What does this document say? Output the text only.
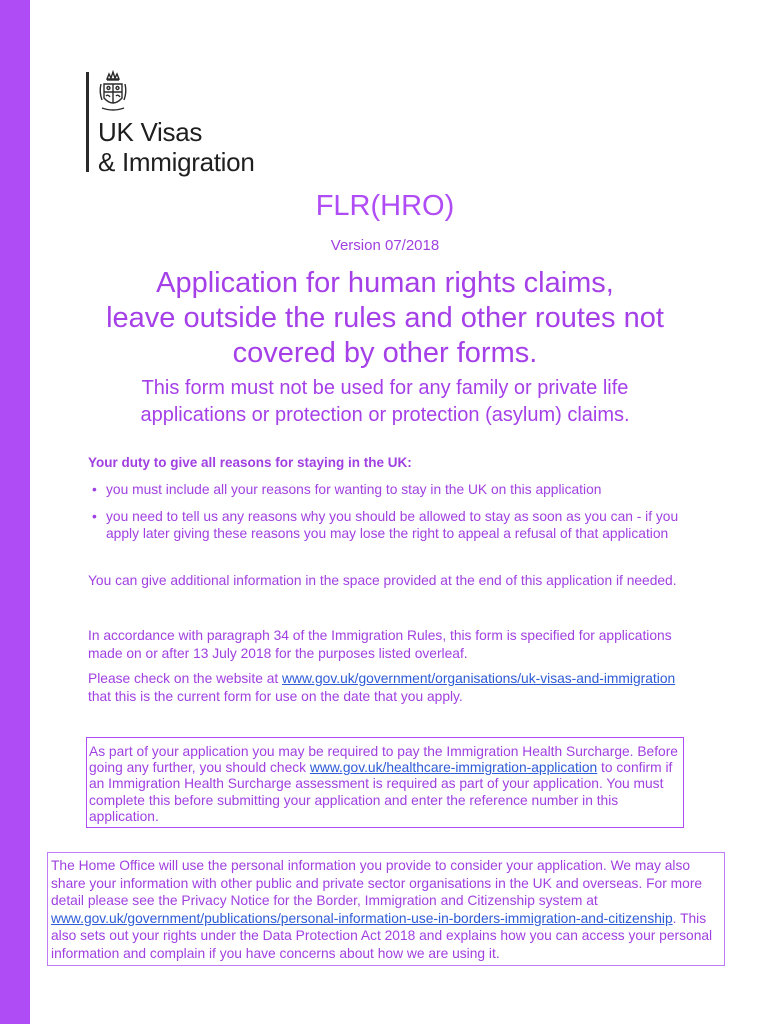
UK Visas
& Immigration
FLR(HRO)
Version 07/2018
Application for human rights claims,
leave outside the rules and other routes not
covered by other forms.
This form must not be used for any family or private life
applications or protection or protection (asylum) claims.
Your duty to give all reasons for staying in the UK:
• you must include all your reasons for wanting to stay in the UK on this application
• you need to tell us any reasons why you should be allowed to stay as soon as you can - if you apply later giving these reasons you may lose the right to appeal a refusal of that application

You can give additional information in the space provided at the end of this application if needed.

In accordance with paragraph 34 of the Immigration Rules, this form is specified for applications made on or after 13 July 2018 for the purposes listed overleaf.

Please check on the website at www.gov.uk/government/organisations/uk-visas-and-immigration that this is the current form for use on the date that you apply.

As part of your application you may be required to pay the Immigration Health Surcharge. Before going any further, you should check www.gov.uk/healthcare-immigration-application to confirm if an Immigration Health Surcharge assessment is required as part of your application. You must complete this before submitting your application and enter the reference number in this application.
The Home Office will use the personal information you provide to consider your application. We may also share your information with other public and private sector organisations in the UK and overseas. For more detail please see the Privacy Notice for the Border, Immigration and Citizenship system at www.gov.uk/government/publications/personal-information-use-in-borders-immigration-and-citizenship. This also sets out your rights under the Data Protection Act 2018 and explains how you can access your personal information and complain if you have concerns about how we are using it.
